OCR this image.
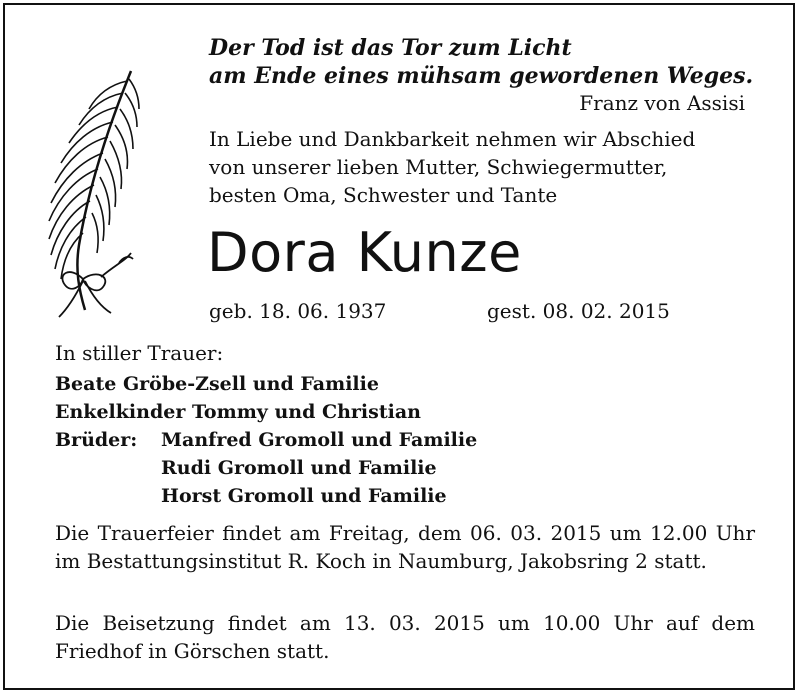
Der Tod ist das Tor zum Licht
am Ende eines mühsam gewordenen Weges.
Franz von Assisi
In Liebe und Dankbarkeit nehmen wir Abschied
von unserer lieben Mutter, Schwiegermutter,
besten Oma, Schwester und Tante
Dora Kunze
geb. 18. 06. 1937	gest. 08. 02. 2015
In stiller Trauer:
Beate Gröbe-Zsell und Familie
Enkelkinder Tommy und Christian
Brüder: Manfred Gromoll und Familie
Rudi Gromoll und Familie
Horst Gromoll und Familie
Die Trauerfeier findet am Freitag, dem 06. 03. 2015 um 12.00 Uhr im Bestattungsinstitut R. Koch in Naumburg, Jakobsring 2 statt.
Die Beisetzung findet am 13. 03. 2015 um 10.00 Uhr auf dem Friedhof in Görschen statt.
